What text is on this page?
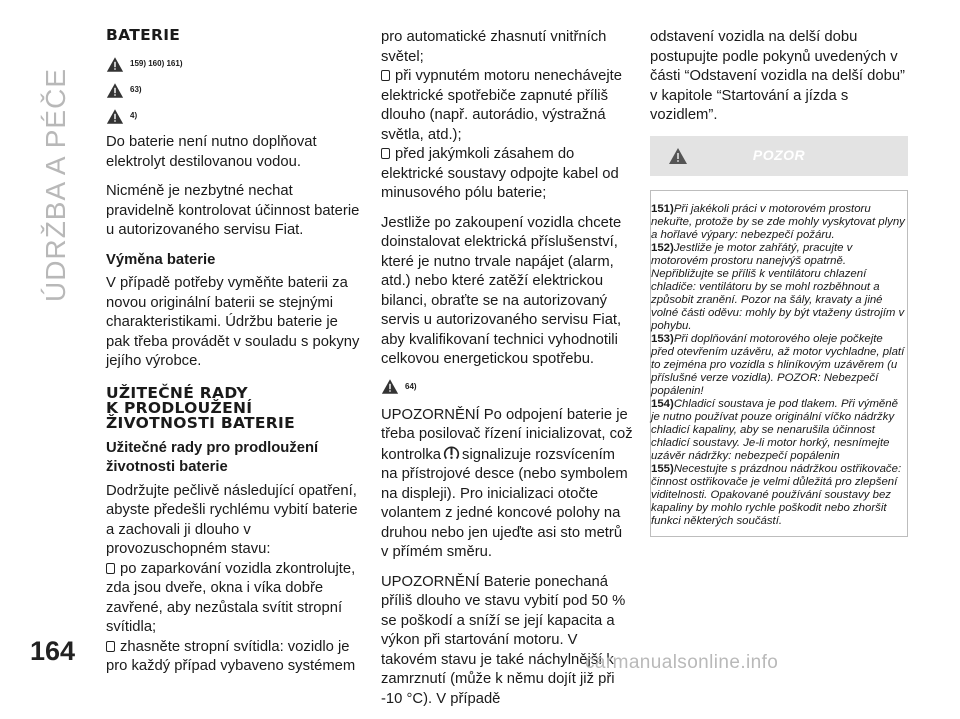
ÚDRŽBA A PÉČE
BATERIE
159) 160) 161)
63)
4)

Do baterie není nutno doplňovat elektrolyt destilovanou vodou.

Nicméně je nezbytné nechat pravidelně kontrolovat účinnost baterie u autorizovaného servisu Fiat.

Výměna baterie

V případě potřeby vyměňte baterii za novou originální baterii se stejnými charakteristikami. Údržbu baterie je pak třeba provádět v souladu s pokyny jejího výrobce.

UŽITEČNÉ RADY
K PRODLOUŽENÍ
ŽIVOTNOSTI BATERIE
Užitečné rady pro prodloužení životnosti baterie

Dodržujte pečlivě následující opatření, abyste předešli rychlému vybití baterie a zachovali ji dlouho v provozuschopném stavu:

po zaparkování vozidla zkontrolujte, zda jsou dveře, okna i víka dobře zavřené, aby nezůstala svítit stropní svítidla;

zhasněte stropní svítidla: vozidlo je pro každý případ vybaveno systémem

pro automatické zhasnutí vnitřních světel;

při vypnutém motoru nenechávejte elektrické spotřebiče zapnuté příliš dlouho (např. autorádio, výstražná světla, atd.);

před jakýmkoli zásahem do elektrické soustavy odpojte kabel od minusového pólu baterie;

Jestliže po zakoupení vozidla chcete doinstalovat elektrická příslušenství, které je nutno trvale napájet (alarm, atd.) nebo které zatěží elektrickou bilanci, obraťte se na autorizovaný servis u autorizovaného servisu Fiat, aby kvalifikovaní technici vyhodnotili celkovou energetickou spotřebu.

64)

UPOZORNĚNÍ Po odpojení baterie je třeba posilovač řízení inicializovat, což kontrolka signalizuje rozsvícením na přístrojové desce (nebo symbolem na displeji). Pro inicializaci otočte volantem z jedné koncové polohy na druhou nebo jen ujeďte asi sto metrů v přímém směru.

UPOZORNĚNÍ Baterie ponechaná příliš dlouho ve stavu vybití pod 50 % se poškodí a sníží se její kapacita a výkon při startování motoru. V takovém stavu je také náchylnější k zamrznutí (může k němu dojít již při -10 °C). V případě

odstavení vozidla na delší dobu postupujte podle pokynů uvedených v části “Odstavení vozidla na delší dobu” v kapitole “Startování a jízda s vozidlem”.

POZOR

151)Při jakékoli práci v motorovém prostoru nekuřte, protože by se zde mohly vyskytovat plyny a hořlavé výpary: nebezpečí požáru.

152)Jestliže je motor zahřátý, pracujte v motorovém prostoru nanejvýš opatrně. Nepřibližujte se příliš k ventilátoru chlazení chladiče: ventilátoru by se mohl rozběhnout a způsobit zranění. Pozor na šály, kravaty a jiné volné části oděvu: mohly by být vtaženy ústrojím v pohybu.

153)Při doplňování motorového oleje počkejte před otevřením uzávěru, až motor vychladne, platí to zejména pro vozidla s hliníkovým uzávěrem (u příslušné verze vozidla). POZOR: Nebezpečí popálenin!

154)Chladicí soustava je pod tlakem. Při výměně je nutno používat pouze originální víčko nádržky chladicí kapaliny, aby se nenarušila účinnost chladicí soustavy. Je-li motor horký, nesnímejte uzávěr nádržky: nebezpečí popálenin

155)Necestujte s prázdnou nádržkou ostřikovače: činnost ostřikovače je velmi důležitá pro zlepšení viditelnosti. Opakované používání soustavy bez kapaliny by mohlo rychle poškodit nebo zhoršit funkci některých součástí.

164	carmanualsonline.info
